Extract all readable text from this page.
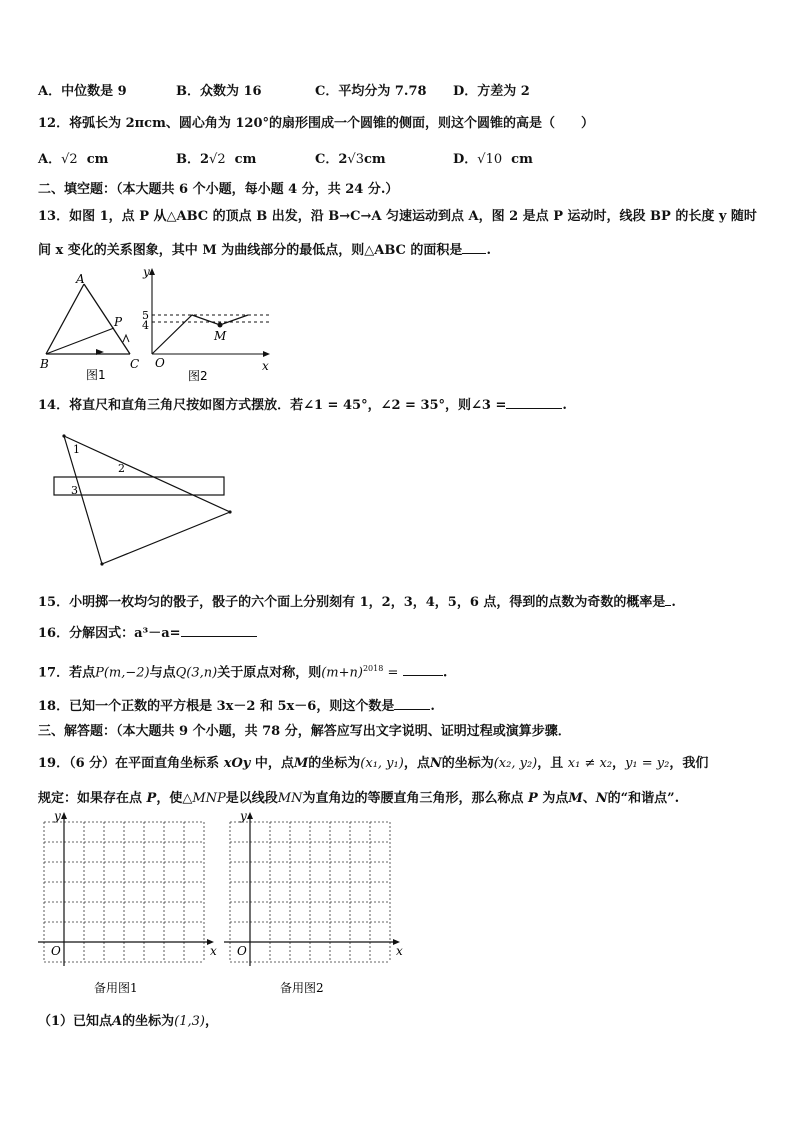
A．中位数是 9	B．众数为 16	C．平均分为 7.78 D．方差为 2
12．将弧长为 2πcm、圆心角为 120°的扇形围成一个圆锥的侧面，则这个圆锥的高是（　　）
A．√2 cm	B．2√2 cm	C．2√3cm	D．√10 cm
二、填空题：（本大题共 6 个小题，每小题 4 分，共 24 分.）
13．如图 1，点 P 从△ABC 的顶点 B 出发，沿 B→C→A 匀速运动到点 A，图 2 是点 P 运动时，线段 BP 的长度 y 随时
间 x 变化的关系图象，其中 M 为曲线部分的最低点，则△ABC 的面积是 .
A
B	C
P
图1
y
x
O
M
5
4
图2
14．将直尺和直角三角尺按如图方式摆放．若∠1 = 45°，∠2 = 35°，则∠3 =	.
1
2
3
15．小明掷一枚均匀的骰子，骰子的六个面上分别刻有 1，2，3，4，5，6 点，得到的点数为奇数的概率是 .
16．分解因式：a³－a=
17．若点P(m,−2)与点Q(3,n)关于原点对称，则$(m+n)^{2018}$ =	.
18．已知一个正数的平方根是 3x－2 和 5x－6，则这个数是	.
三、解答题：（本大题共 9 个小题，共 78 分，解答应写出文字说明、证明过程或演算步骤．
19．（6 分）在平面直角坐标系 xOy 中，点M的坐标为(x₁, y₁)，点N的坐标为(x₂, y₂)，且 x₁ ≠ x₂，y₁ = y₂，我们
规定：如果存在点 P，使△MNP是以线段MN为直角边的等腰直角三角形，那么称点 P 为点M、N的“和谐点”.
y
x
O
备用图1
y
x
O
备用图2
（1）已知点A的坐标为(1,3)，
